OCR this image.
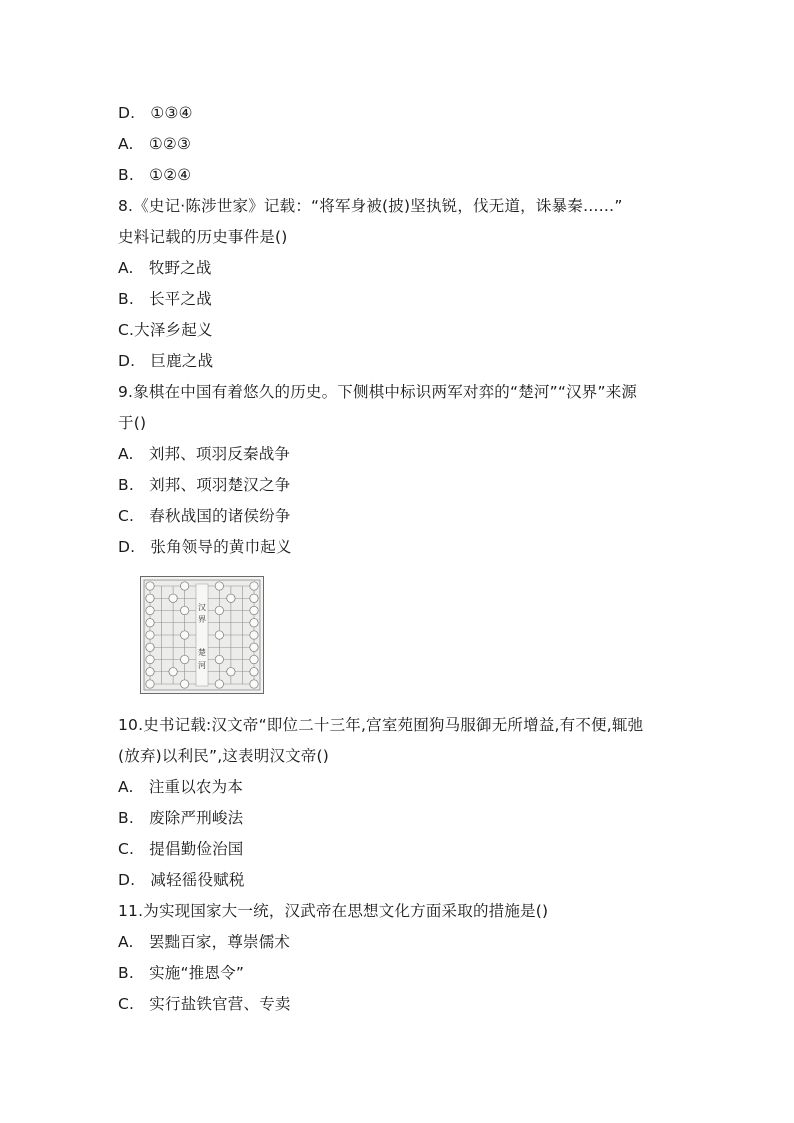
D. ①③④
A. ①②③
B. ①②④
8.《史记·陈涉世家》记载：“将军身被(披)坚执锐，伐无道，诛暴秦……”
史料记载的历史事件是()
A. 牧野之战
B. 长平之战
C.大泽乡起义
D. 巨鹿之战
9.象棋在中国有着悠久的历史。下侧棋中标识两军对弈的“楚河”“汉界”来源
于()
A. 刘邦、项羽反秦战争
B. 刘邦、项羽楚汉之争
C. 春秋战国的诸侯纷争
D. 张角领导的黄巾起义
汉
界
楚
河
10.史书记载:汉文帝“即位二十三年,宫室苑囿狗马服御无所增益,有不便,辄弛
(放弃)以利民”,这表明汉文帝()
A. 注重以农为本
B. 废除严刑峻法
C. 提倡勤俭治国
D. 减轻徭役赋税
11.为实现国家大一统，汉武帝在思想文化方面采取的措施是()
A. 罢黜百家，尊崇儒术
B. 实施“推恩令”
C. 实行盐铁官营、专卖
